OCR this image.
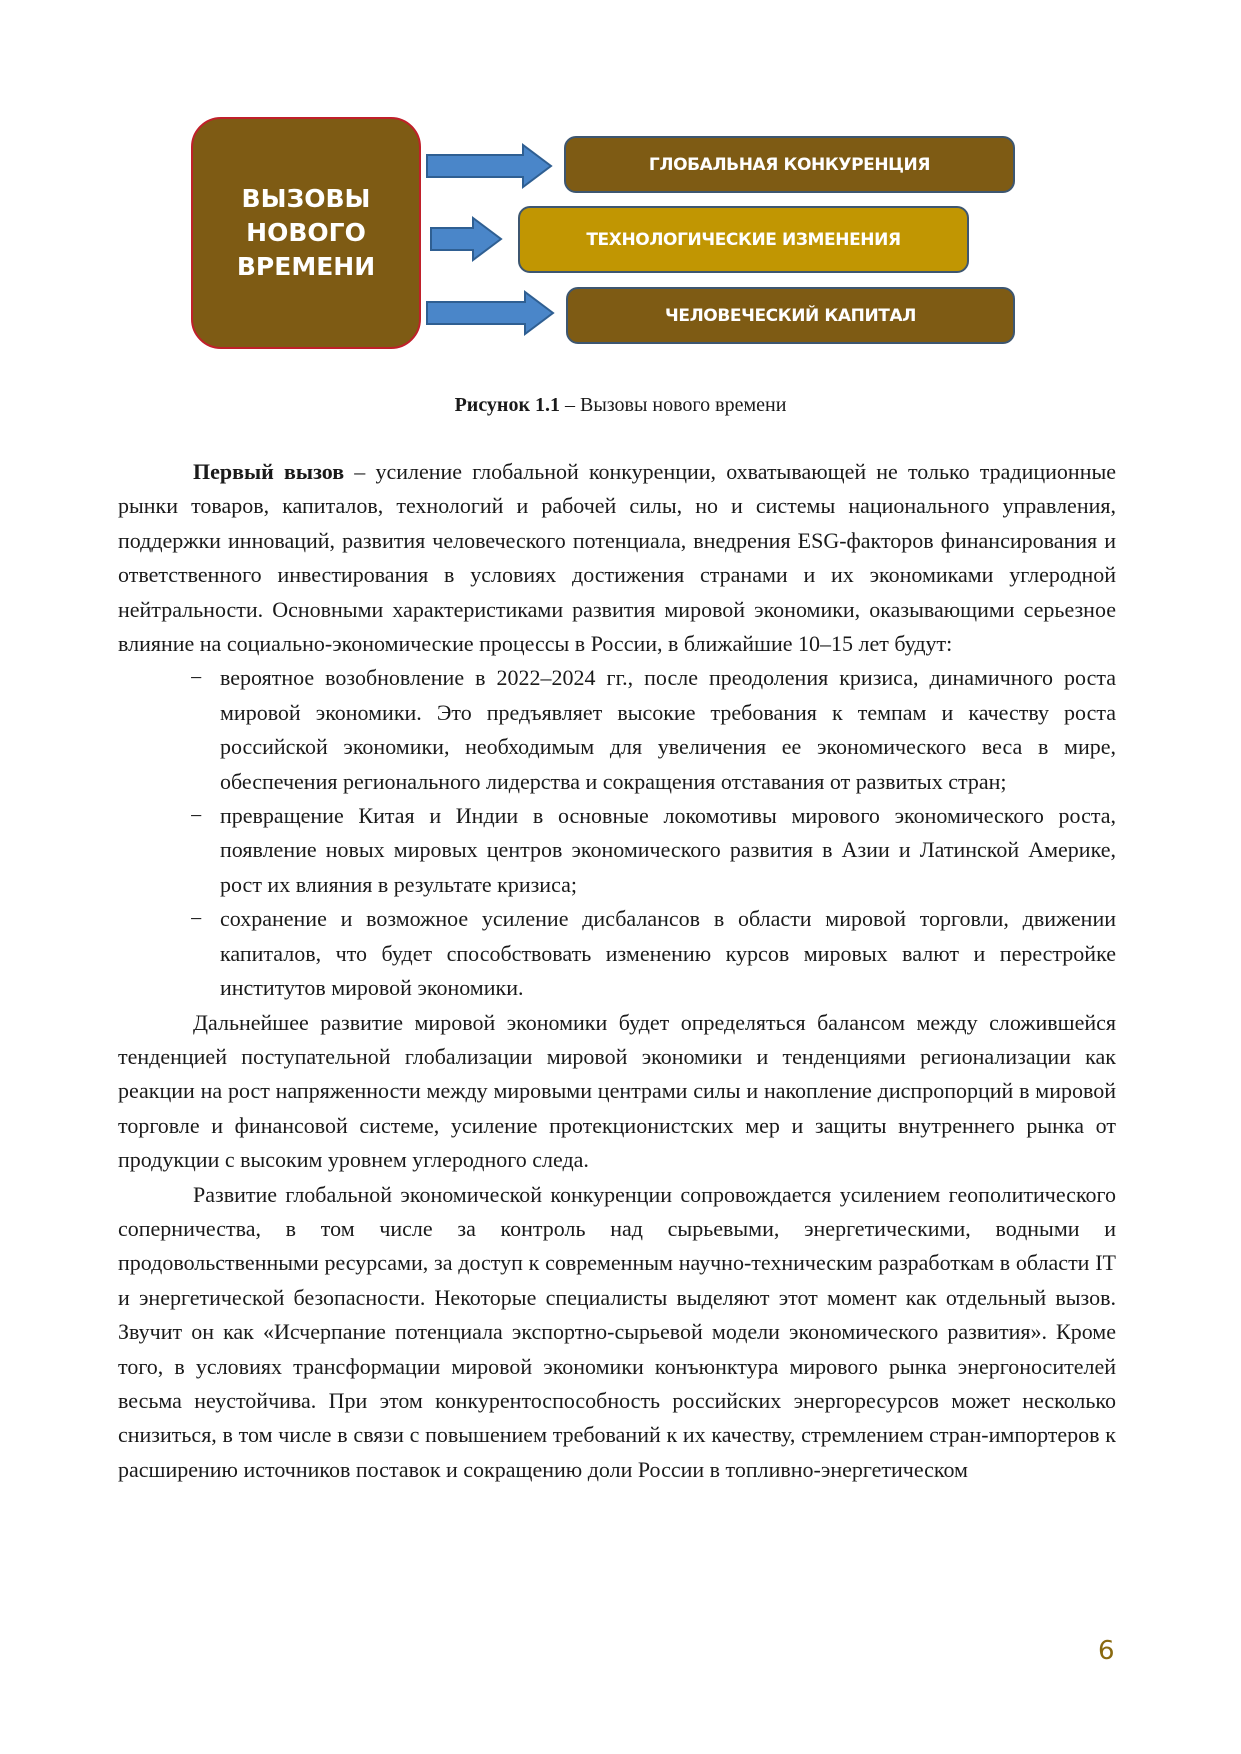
ВЫЗОВЫ
НОВОГО
ВРЕМЕНИ
ГЛОБАЛЬНАЯ КОНКУРЕНЦИЯ
ТЕХНОЛОГИЧЕСКИЕ ИЗМЕНЕНИЯ
ЧЕЛОВЕЧЕСКИЙ КАПИТАЛ
Рисунок 1.1 – Вызовы нового времени

Первый вызов – усиление глобальной конкуренции, охватывающей не только традиционные рынки товаров, капиталов, технологий и рабочей силы, но и системы национального управления, поддержки инноваций, развития человеческого потенциала, внедрения ESG-факторов финансирования и ответственного инвестирования в условиях достижения странами и их экономиками углеродной нейтральности. Основными характеристиками развития мировой экономики, оказывающими серьезное влияние на социально-экономические процессы в России, в ближайшие 10–15 лет будут:

− вероятное возобновление в 2022–2024 гг., после преодоления кризиса, динамичного роста мировой экономики. Это предъявляет высокие требования к темпам и качеству роста российской экономики, необходимым для увеличения ее экономического веса в мире, обеспечения регионального лидерства и сокращения отставания от развитых стран;
− превращение Китая и Индии в основные локомотивы мирового экономического роста, появление новых мировых центров экономического развития в Азии и Латинской Америке, рост их влияния в результате кризиса;
− сохранение и возможное усиление дисбалансов в области мировой торговли, движении капиталов, что будет способствовать изменению курсов мировых валют и перестройке институтов мировой экономики.

Дальнейшее развитие мировой экономики будет определяться балансом между сложившейся тенденцией поступательной глобализации мировой экономики и тенденциями регионализации как реакции на рост напряженности между мировыми центрами силы и накопление диспропорций в мировой торговле и финансовой системе, усиление протекционистских мер и защиты внутреннего рынка от продукции с высоким уровнем углеродного следа.

Развитие глобальной экономической конкуренции сопровождается усилением геополитического соперничества, в том числе за контроль над сырьевыми, энергетическими, водными и продовольственными ресурсами, за доступ к современным научно-техническим разработкам в области IT и энергетической безопасности. Некоторые специалисты выделяют этот момент как отдельный вызов. Звучит он как «Исчерпание потенциала экспортно-сырьевой модели экономического развития». Кроме того, в условиях трансформации мировой экономики конъюнктура мирового рынка энергоносителей весьма неустойчива. При этом конкурентоспособность российских энергоресурсов может несколько снизиться, в том числе в связи с повышением требований к их качеству, стремлением стран-импортеров к расширению источников поставок и сокращению доли России в топливно-энергетическом

6
